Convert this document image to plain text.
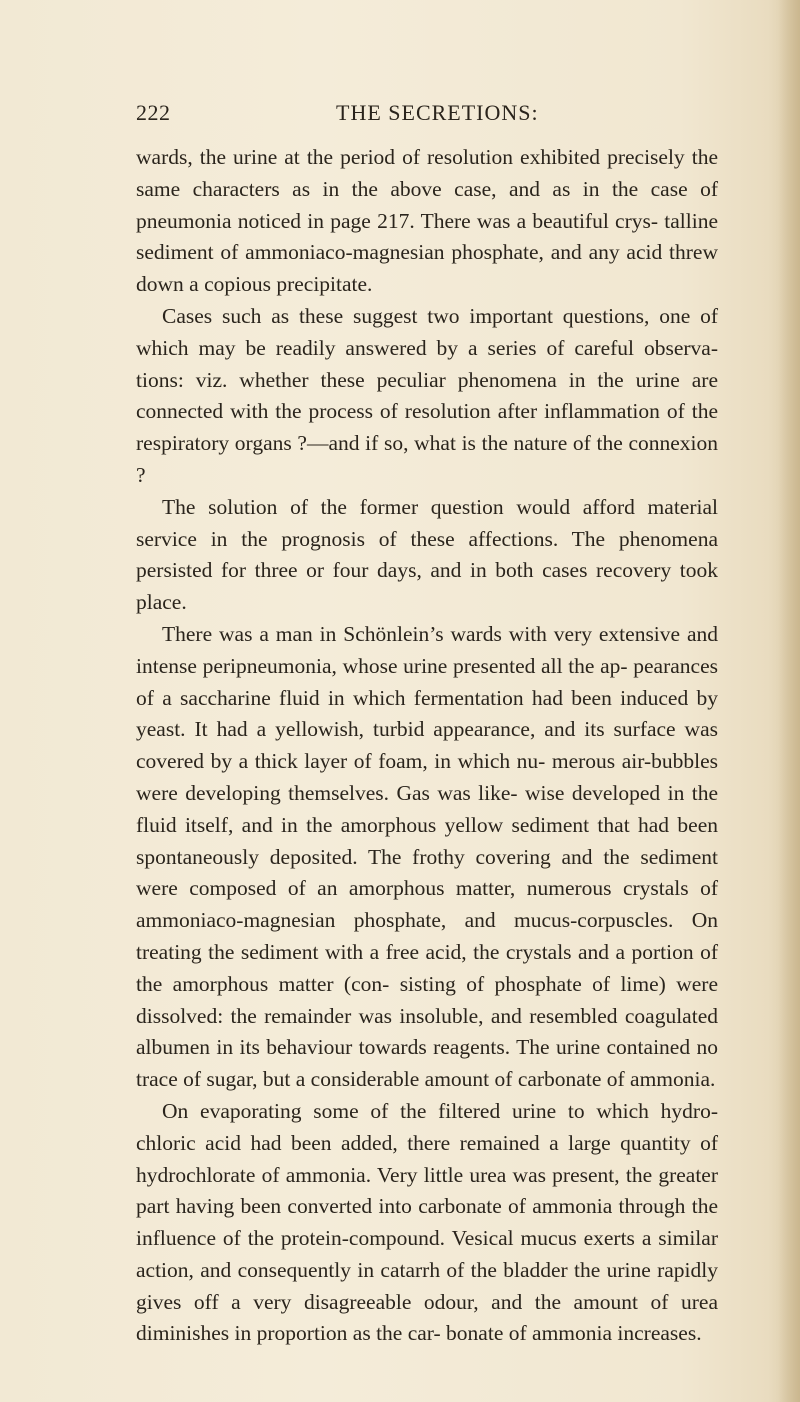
222	THE SECRETIONS:

wards, the urine at the period of resolution exhibited precisely the same characters as in the above case, and as in the case of pneumonia noticed in page 217. There was a beautiful crys- talline sediment of ammoniaco-magnesian phosphate, and any acid threw down a copious precipitate.

Cases such as these suggest two important questions, one of which may be readily answered by a series of careful observa- tions: viz. whether these peculiar phenomena in the urine are connected with the process of resolution after inflammation of the respiratory organs ?—and if so, what is the nature of the connexion ?

The solution of the former question would afford material service in the prognosis of these affections. The phenomena persisted for three or four days, and in both cases recovery took place.

There was a man in Schönlein’s wards with very extensive and intense peripneumonia, whose urine presented all the ap- pearances of a saccharine fluid in which fermentation had been induced by yeast. It had a yellowish, turbid appearance, and its surface was covered by a thick layer of foam, in which nu- merous air-bubbles were developing themselves. Gas was like- wise developed in the fluid itself, and in the amorphous yellow sediment that had been spontaneously deposited. The frothy covering and the sediment were composed of an amorphous matter, numerous crystals of ammoniaco-magnesian phosphate, and mucus-corpuscles. On treating the sediment with a free acid, the crystals and a portion of the amorphous matter (con- sisting of phosphate of lime) were dissolved: the remainder was insoluble, and resembled coagulated albumen in its behaviour towards reagents. The urine contained no trace of sugar, but a considerable amount of carbonate of ammonia.

On evaporating some of the filtered urine to which hydro- chloric acid had been added, there remained a large quantity of hydrochlorate of ammonia. Very little urea was present, the greater part having been converted into carbonate of ammonia through the influence of the protein-compound. Vesical mucus exerts a similar action, and consequently in catarrh of the bladder the urine rapidly gives off a very disagreeable odour, and the amount of urea diminishes in proportion as the car- bonate of ammonia increases.
